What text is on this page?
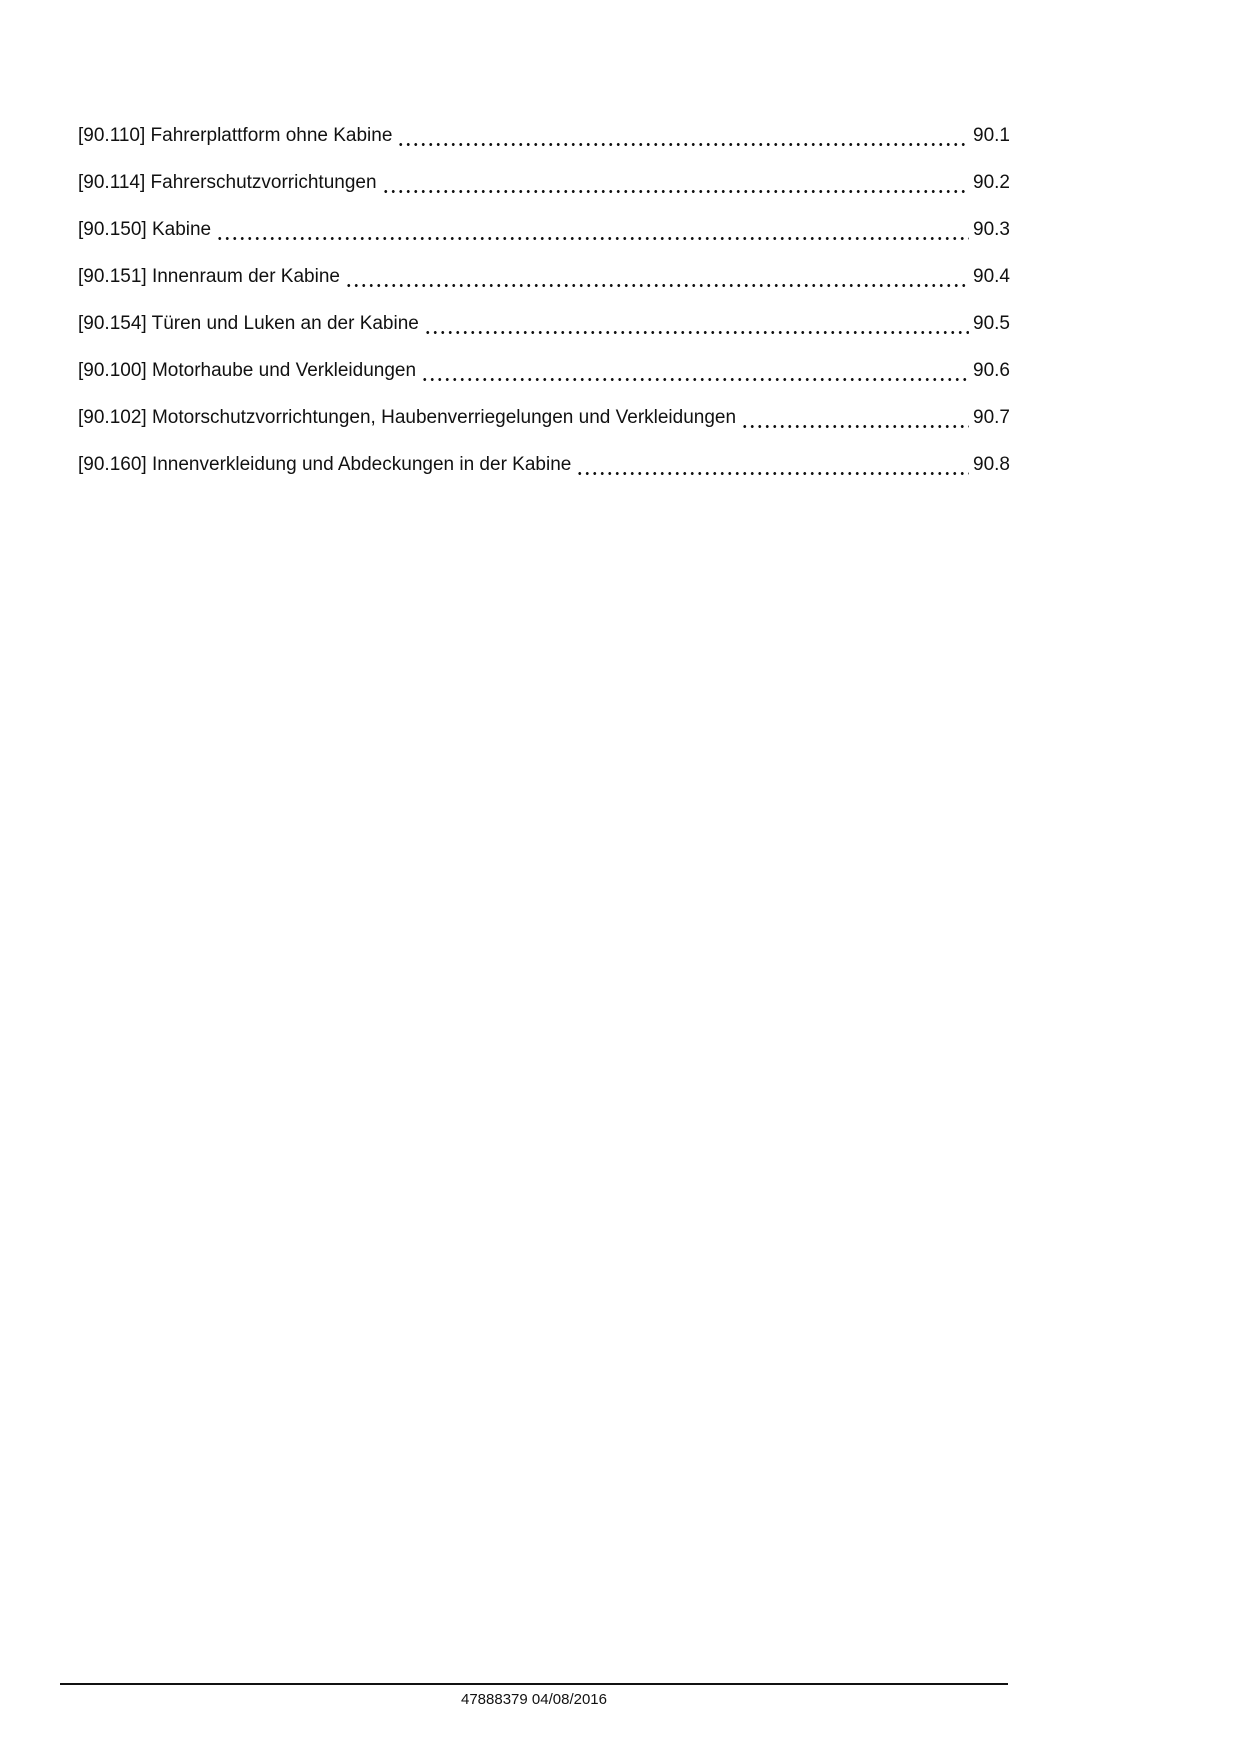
[90.110] Fahrerplattform ohne Kabine	90.1
[90.114] Fahrerschutzvorrichtungen	90.2
[90.150] Kabine	90.3
[90.151] Innenraum der Kabine	90.4
[90.154] Türen und Luken an der Kabine	90.5
[90.100] Motorhaube und Verkleidungen	90.6
[90.102] Motorschutzvorrichtungen, Haubenverriegelungen und Verkleidungen	90.7
[90.160] Innenverkleidung und Abdeckungen in der Kabine	90.8
47888379 04/08/2016
